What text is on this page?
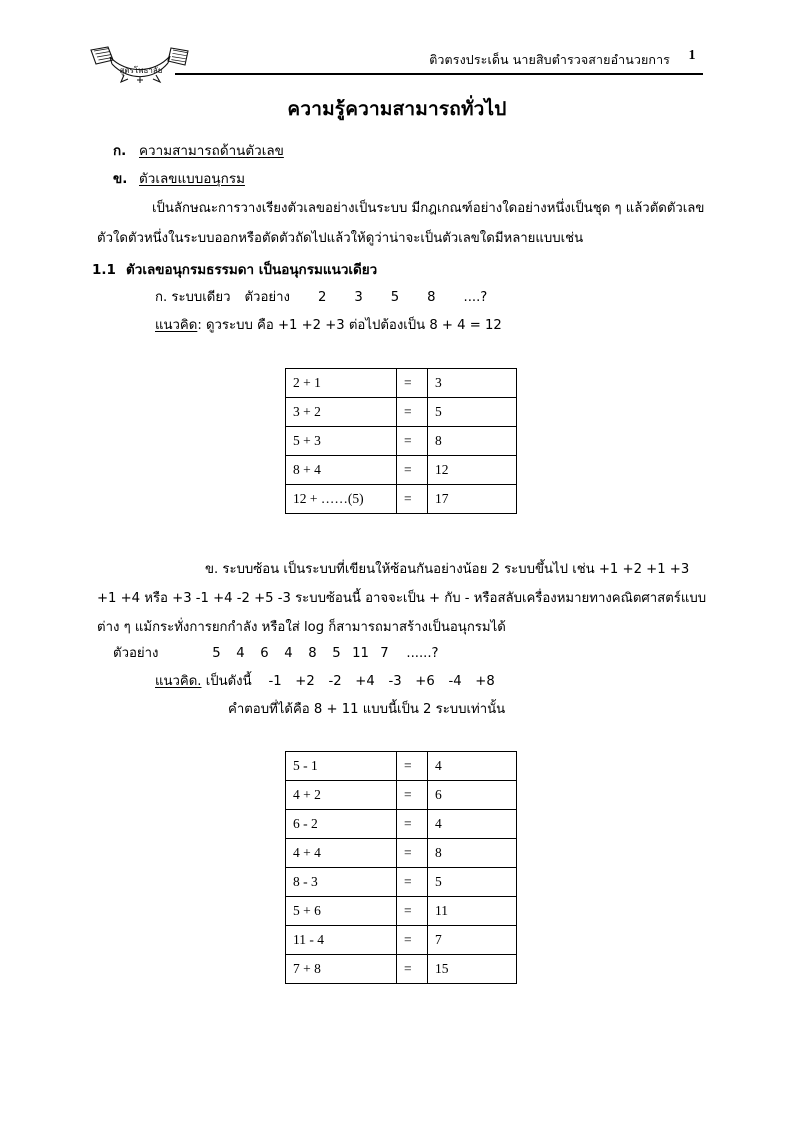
สูตรโพธาลัย
ติวตรงประเด็น นายสิบตำรวจสายอำนวยการ	1
ความรู้ความสามารถทั่วไป
ก. ความสามารถด้านตัวเลข
ข. ตัวเลขแบบอนุกรม
เป็นลักษณะการวางเรียงตัวเลขอย่างเป็นระบบ มีกฎเกณฑ์อย่างใดอย่างหนึ่งเป็นชุด ๆ แล้วตัดตัวเลขตัวใดตัวหนึ่งในระบบออกหรือตัดตัวถัดไปแล้วให้ดูว่าน่าจะเป็นตัวเลขใดมีหลายแบบเช่น
1.1 ตัวเลขอนุกรมธรรมดา เป็นอนุกรมแนวเดียว
ก. ระบบเดียว ตัวอย่าง 2 3 5 8 ....?
แนวคิด: ดูวระบบ คือ +1 +2 +3 ต่อไปต้องเป็น 8 + 4 = 12
2 + 1	=	3
3 + 2	=	5
5 + 3	=	8
8 + 4	=	12
12 + ……(5)	=	17
ข. ระบบซ้อน เป็นระบบที่เขียนให้ซ้อนกันอย่างน้อย 2 ระบบขึ้นไป เช่น +1 +2 +1 +3 +1 +4 หรือ +3 -1 +4 -2 +5 -3 ระบบซ้อนนี้ อาจจะเป็น + กับ - หรือสลับเครื่องหมายทางคณิตศาสตร์แบบต่าง ๆ แม้กระทั่งการยกกำลัง หรือใส่ log ก็สามารถมาสร้างเป็นอนุกรมได้
ตัวอย่าง	5 4 6 4 8 5 11 7 ......?
แนวคิด. เป็นดังนี้ -1 +2 -2 +4 -3 +6 -4 +8
คำตอบที่ได้คือ 8 + 11 แบบนี้เป็น 2 ระบบเท่านั้น
5 - 1	=	4
4 + 2	=	6
6 - 2	=	4
4 + 4	=	8
8 - 3	=	5
5 + 6	=	11
11 - 4	=	7
7 + 8	=	15
